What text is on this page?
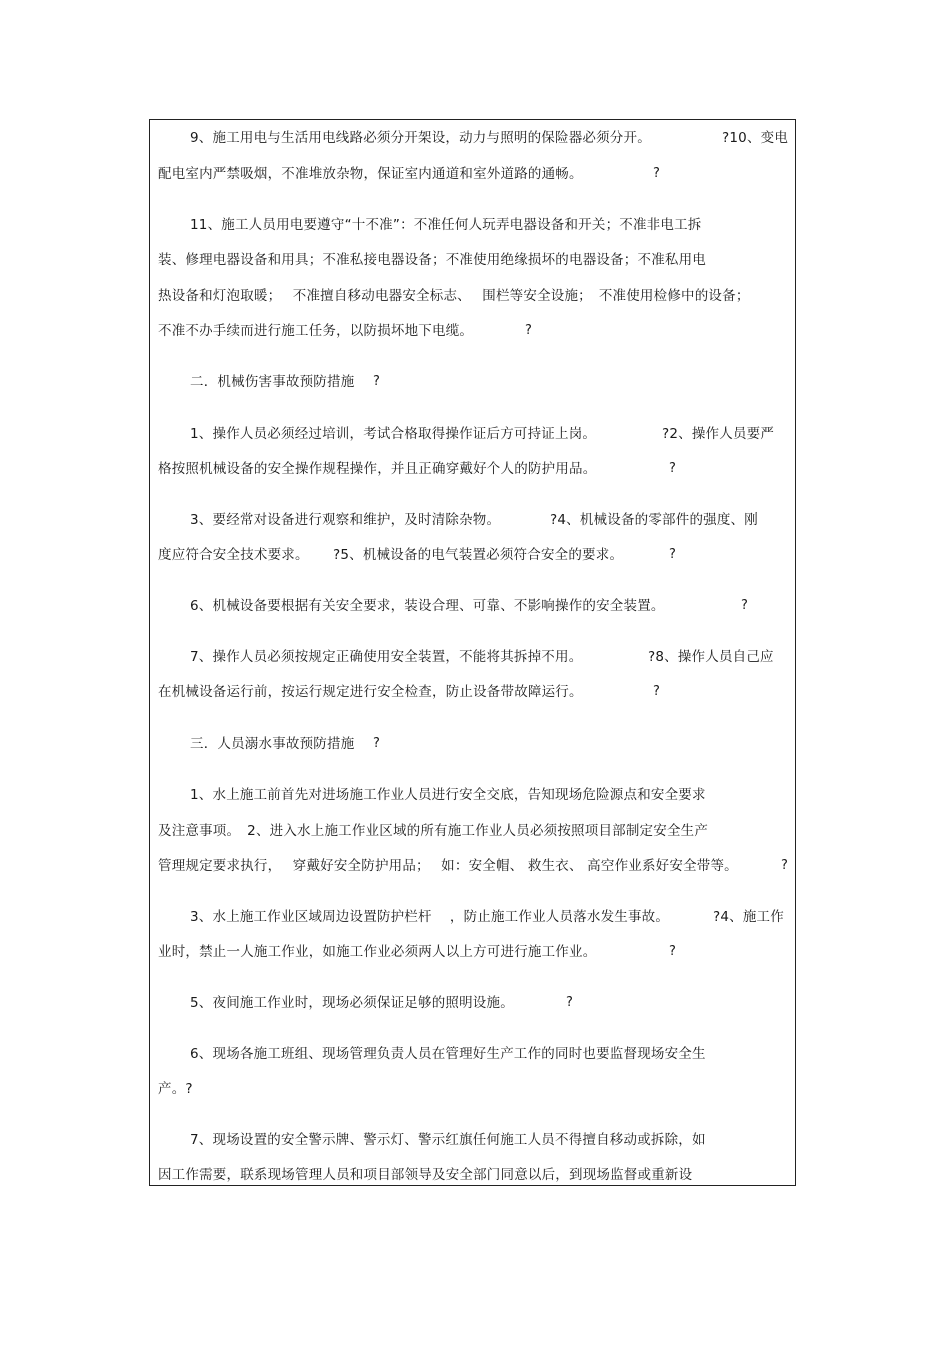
9、施工用电与生活用电线路必须分开架设，动力与照明的保险器必须分开。	?10、变电
配电室内严禁吸烟，不准堆放杂物，保证室内通道和室外道路的通畅。	?
11、施工人员用电要遵守“十不准”：不准任何人玩弄电器设备和开关；不准非电工拆
装、修理电器设备和用具；不准私接电器设备；不准使用绝缘损坏的电器设备；不准私用电
热设备和灯泡取暖；　 不准擅自移动电器安全标志、　 围栏等安全设施；　不准使用检修中的设备；
不准不办手续而进行施工任务，以防损坏地下电缆。	?
二．机械伤害事故预防措施 ?
1、操作人员必须经过培训，考试合格取得操作证后方可持证上岗。	?2、操作人员要严
格按照机械设备的安全操作规程操作，并且正确穿戴好个人的防护用品。	?
3、要经常对设备进行观察和维护，及时清除杂物。	?4、机械设备的零部件的强度、刚
度应符合安全技术要求。 ?5、机械设备的电气装置必须符合安全的要求。	?
6、机械设备要根据有关安全要求，装设合理、可靠、不影响操作的安全装置。	?
7、操作人员必须按规定正确使用安全装置，不能将其拆掉不用。	?8、操作人员自己应
在机械设备运行前，按运行规定进行安全检查，防止设备带故障运行。	?
三．人员溺水事故预防措施 ?
1、水上施工前首先对进场施工作业人员进行安全交底，告知现场危险源点和安全要求
及注意事项。　2、进入水上施工作业区域的所有施工作业人员必须按照项目部制定安全生产
管理规定要求执行，　 穿戴好安全防护用品；　 如：安全帽、 救生衣、 高空作业系好安全带等。	?
3、水上施工作业区域周边设置防护栏杆　 ，防止施工作业人员落水发生事故。	?4、施工作
业时，禁止一人施工作业，如施工作业必须两人以上方可进行施工作业。	?
5、夜间施工作业时，现场必须保证足够的照明设施。	?
6、现场各施工班组、现场管理负责人员在管理好生产工作的同时也要监督现场安全生
产。?
7、现场设置的安全警示牌、警示灯、警示红旗任何施工人员不得擅自移动或拆除，如
因工作需要，联系现场管理人员和项目部领导及安全部门同意以后，到现场监督或重新设
